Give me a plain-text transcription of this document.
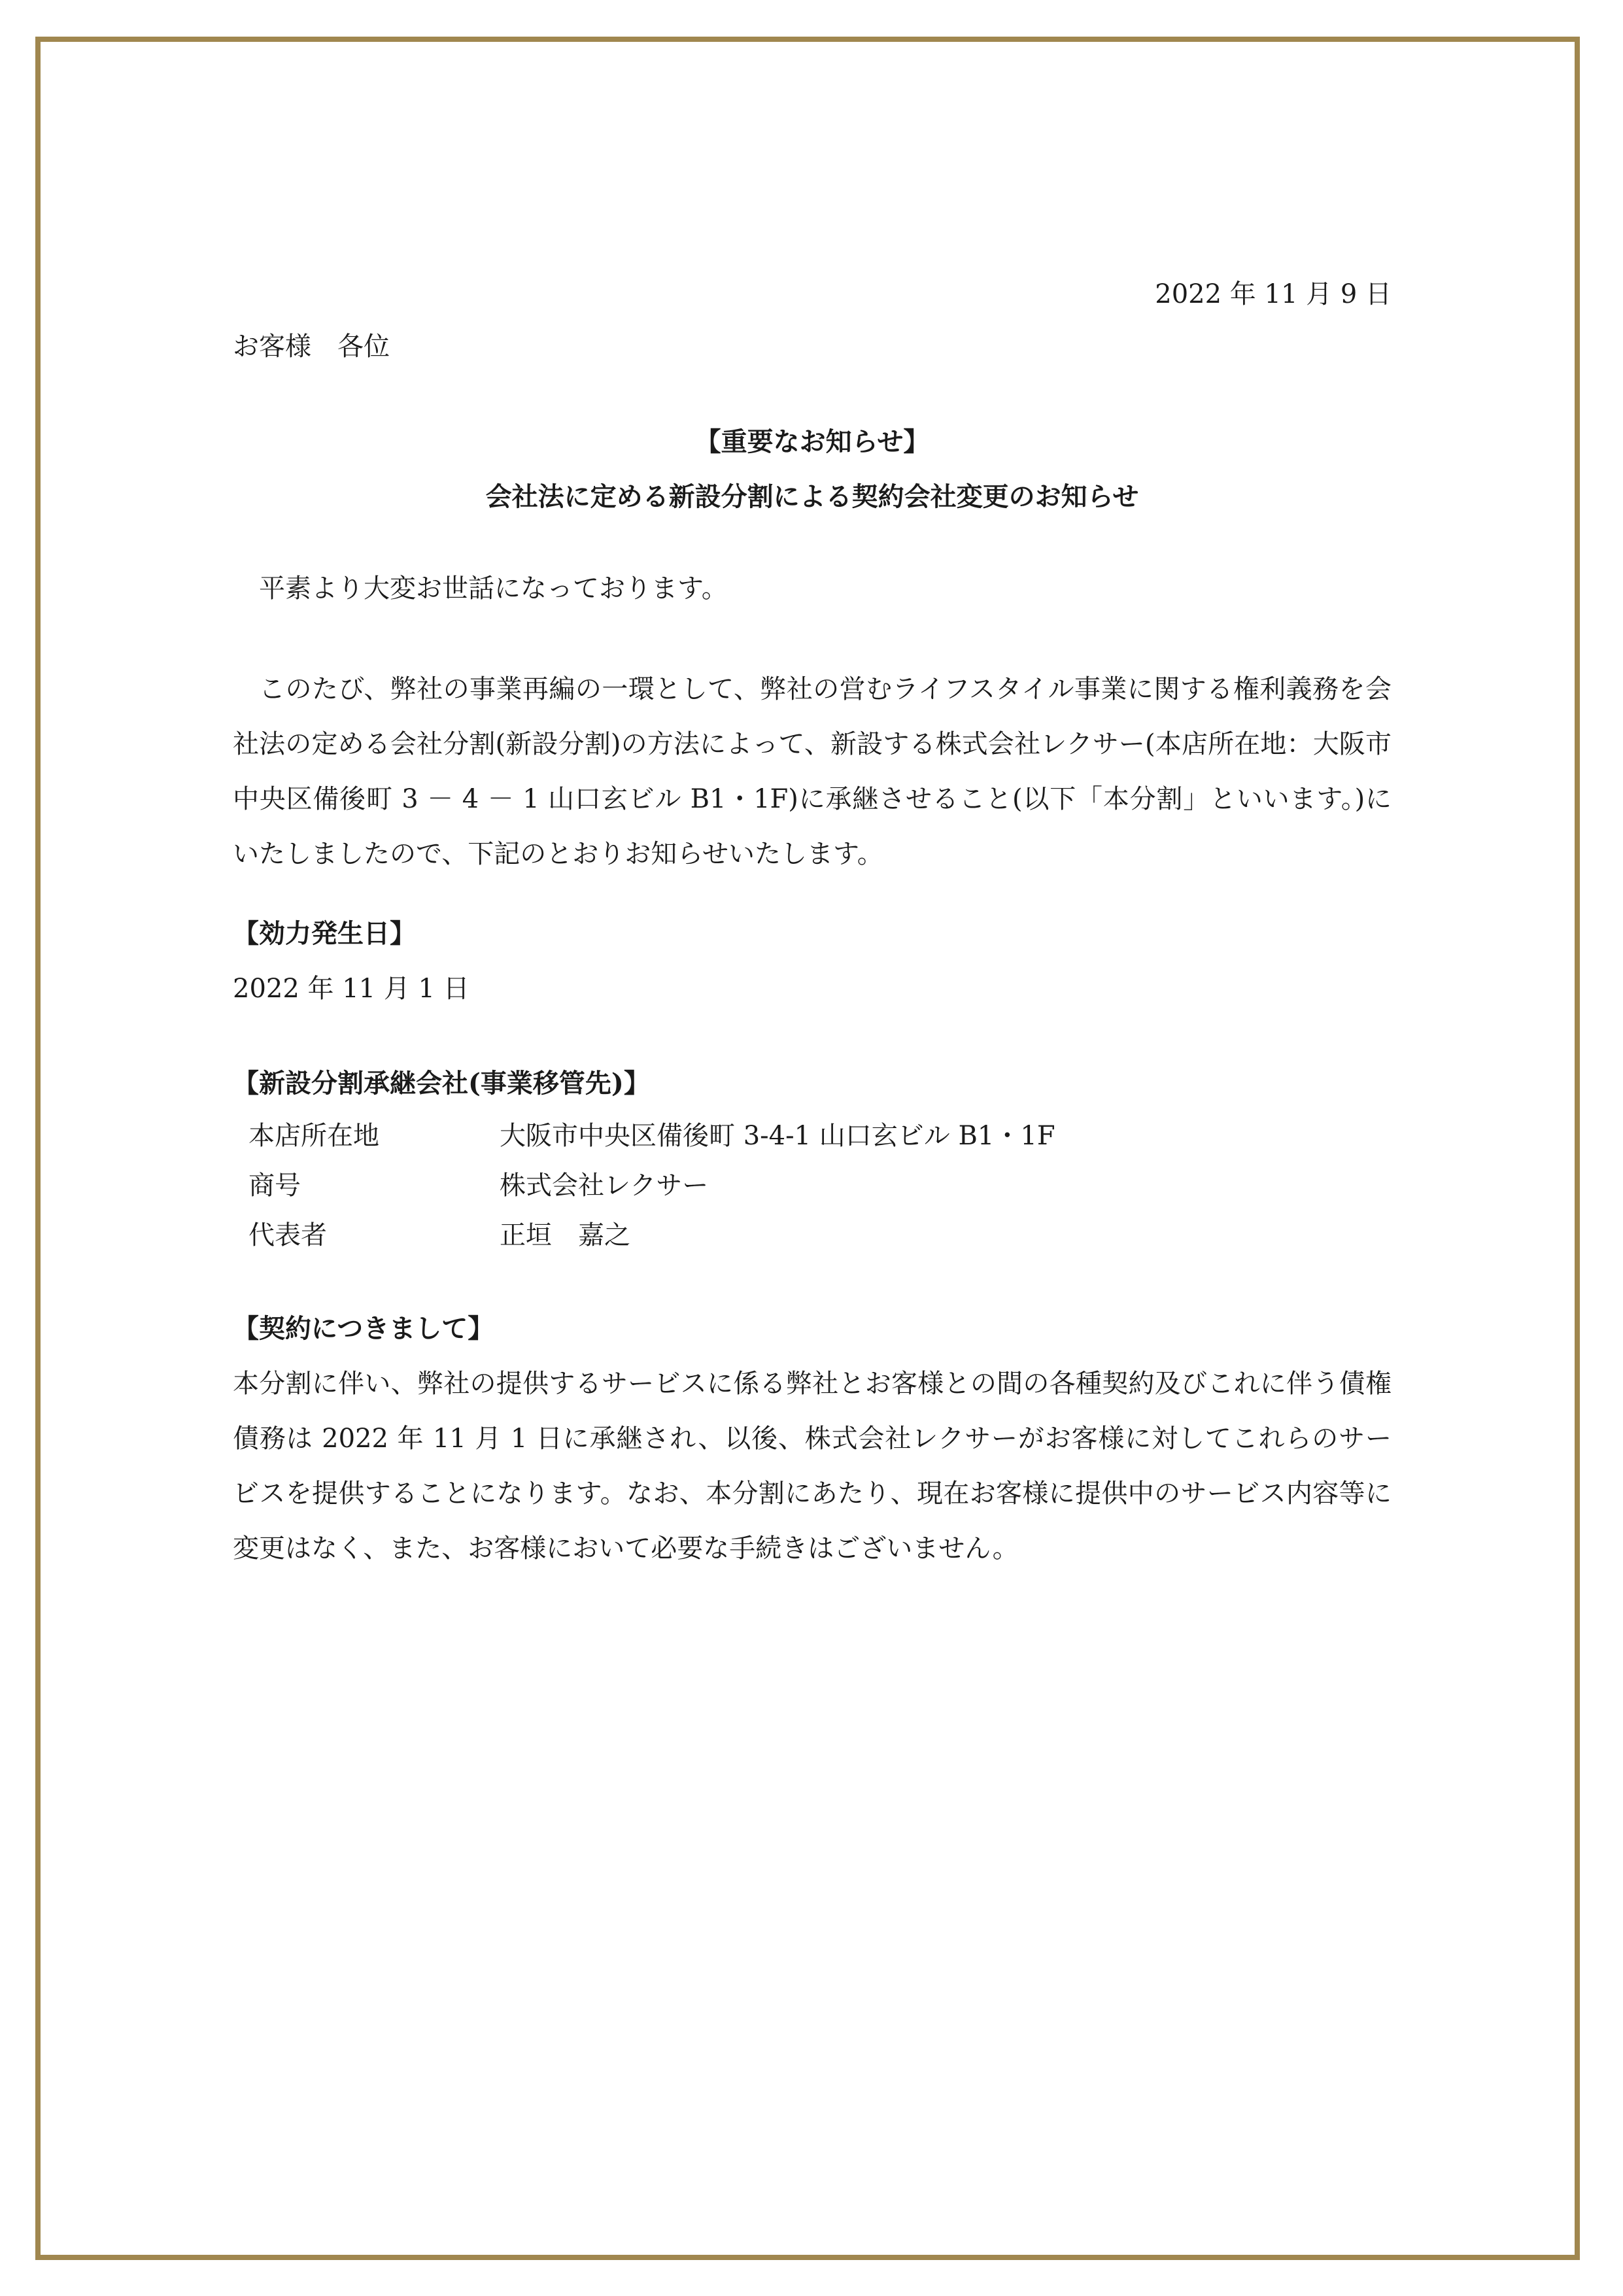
2022 年 11 月 9 日
お客様　各位
【重要なお知らせ】
会社法に定める新設分割による契約会社変更のお知らせ
平素より大変お世話になっております。
このたび、弊社の事業再編の一環として、弊社の営むライフスタイル事業に関する権利義務を会社法の定める会社分割(新設分割)の方法によって、新設する株式会社レクサー(本店所在地：大阪市中央区備後町 3 － 4 － 1 山口玄ビル B1・1F)に承継させること(以下「本分割」といいます。)にいたしましたので、下記のとおりお知らせいたします。
【効力発生日】
2022 年 11 月 1 日
【新設分割承継会社(事業移管先)】
本店所在地	大阪市中央区備後町 3-4-1 山口玄ビル B1・1F
商号	株式会社レクサー
代表者	正垣　嘉之
【契約につきまして】
本分割に伴い、弊社の提供するサービスに係る弊社とお客様との間の各種契約及びこれに伴う債権債務は 2022 年 11 月 1 日に承継され、以後、株式会社レクサーがお客様に対してこれらのサービスを提供することになります。なお、本分割にあたり、現在お客様に提供中のサービス内容等に変更はなく、また、お客様において必要な手続きはございません。
